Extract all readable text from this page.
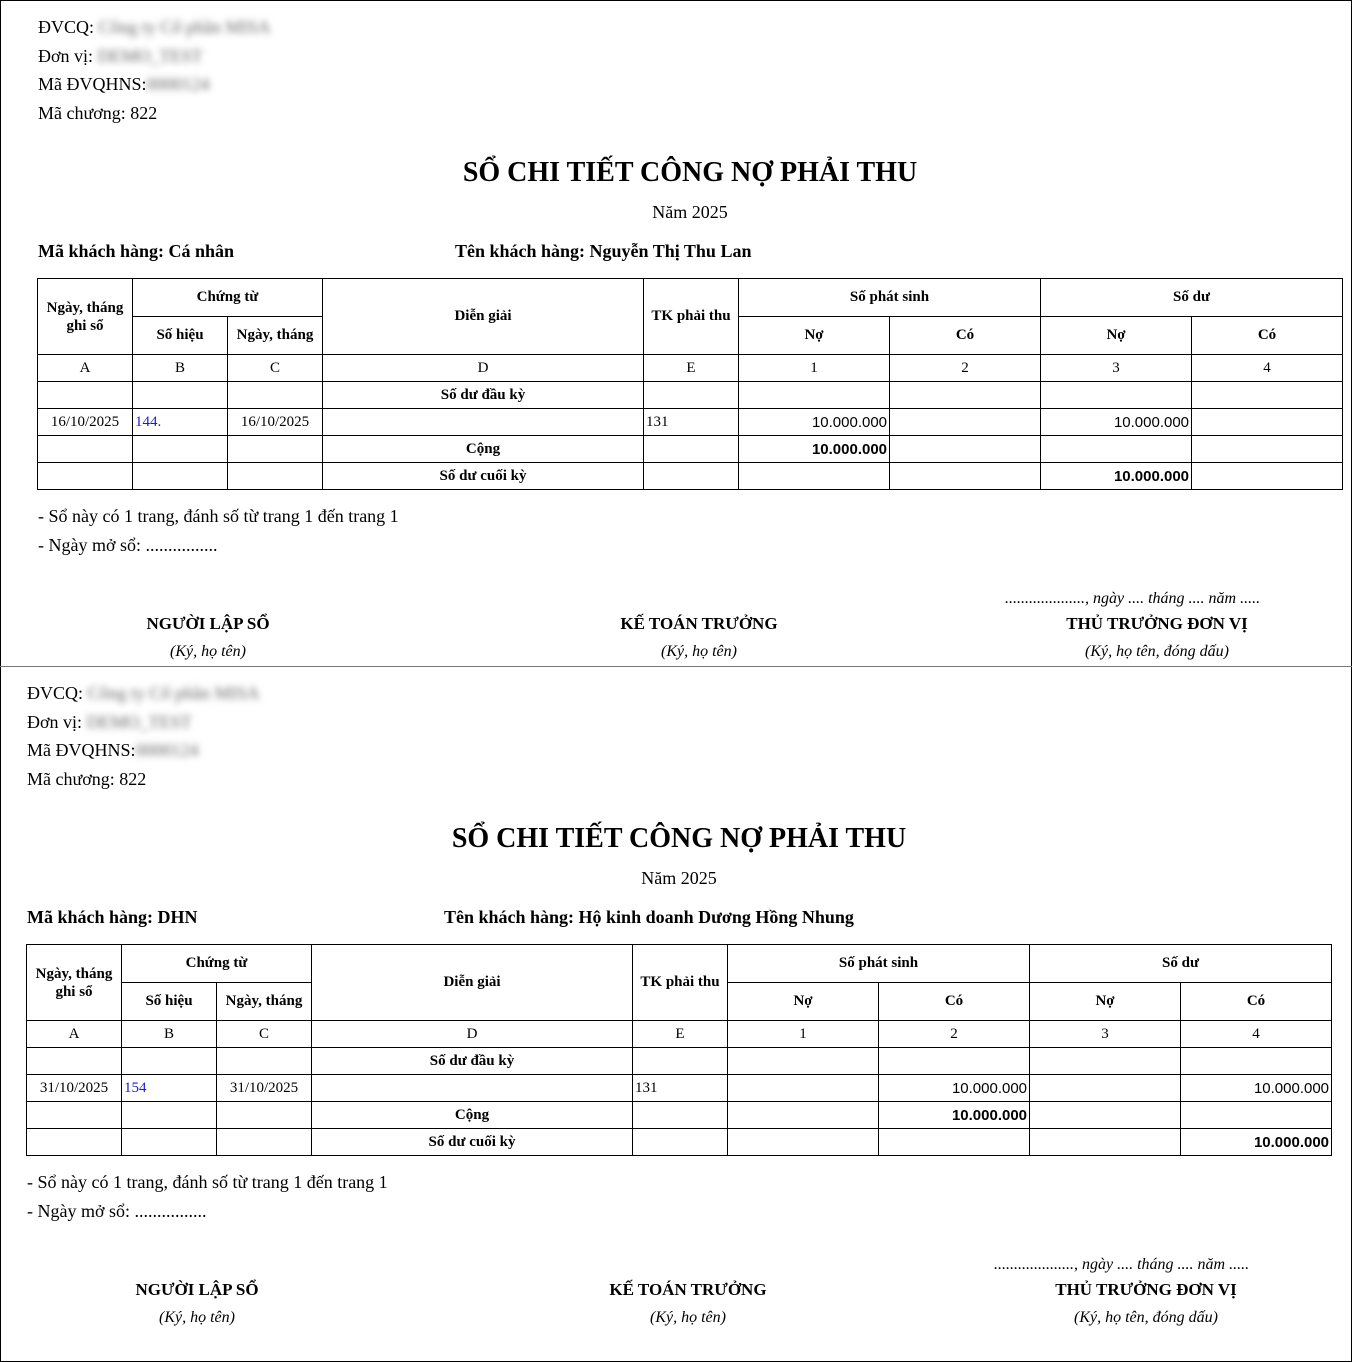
ĐVCQ: Công ty Cổ phần MISA
Đơn vị: DEMO_TEST
Mã ĐVQHNS:0000124
Mã chương: 822
SỔ CHI TIẾT CÔNG NỢ PHẢI THU
Năm 2025
Mã khách hàng: Cá nhân	Tên khách hàng: Nguyễn Thị Thu Lan
Ngày, tháng ghi sổ	Chứng từ		Diễn giải	TK phải thu	Số phát sinh		Số dư	
	Số hiệu	Ngày, tháng			Nợ	Có	Nợ	Có
A	B	C	D	E	1	2	3	4
			Số dư đầu kỳ					
16/10/2025	144.	16/10/2025		131	10.000.000		10.000.000	
			Cộng		10.000.000			
			Số dư cuối kỳ				10.000.000	
- Sổ này có 1 trang, đánh số từ trang 1 đến trang 1
- Ngày mở sổ: ................
...................., ngày .... tháng .... năm .....
NGƯỜI LẬP SỔ
(Ký, họ tên)
KẾ TOÁN TRƯỞNG
(Ký, họ tên)
THỦ TRƯỞNG ĐƠN VỊ
(Ký, họ tên, đóng dấu)
ĐVCQ: Công ty Cổ phần MISA
Đơn vị: DEMO_TEST
Mã ĐVQHNS:0000124
Mã chương: 822
SỔ CHI TIẾT CÔNG NỢ PHẢI THU
Năm 2025
Mã khách hàng: DHN	Tên khách hàng: Hộ kinh doanh Dương Hồng Nhung
Ngày, tháng ghi sổ	Chứng từ		Diễn giải	TK phải thu	Số phát sinh		Số dư	
	Số hiệu	Ngày, tháng			Nợ	Có	Nợ	Có
A	B	C	D	E	1	2	3	4
			Số dư đầu kỳ					
31/10/2025	154	31/10/2025		131		10.000.000		10.000.000
			Cộng			10.000.000		
			Số dư cuối kỳ					10.000.000
- Sổ này có 1 trang, đánh số từ trang 1 đến trang 1
- Ngày mở sổ: ................
...................., ngày .... tháng .... năm .....
NGƯỜI LẬP SỔ
(Ký, họ tên)
KẾ TOÁN TRƯỞNG
(Ký, họ tên)
THỦ TRƯỞNG ĐƠN VỊ
(Ký, họ tên, đóng dấu)
